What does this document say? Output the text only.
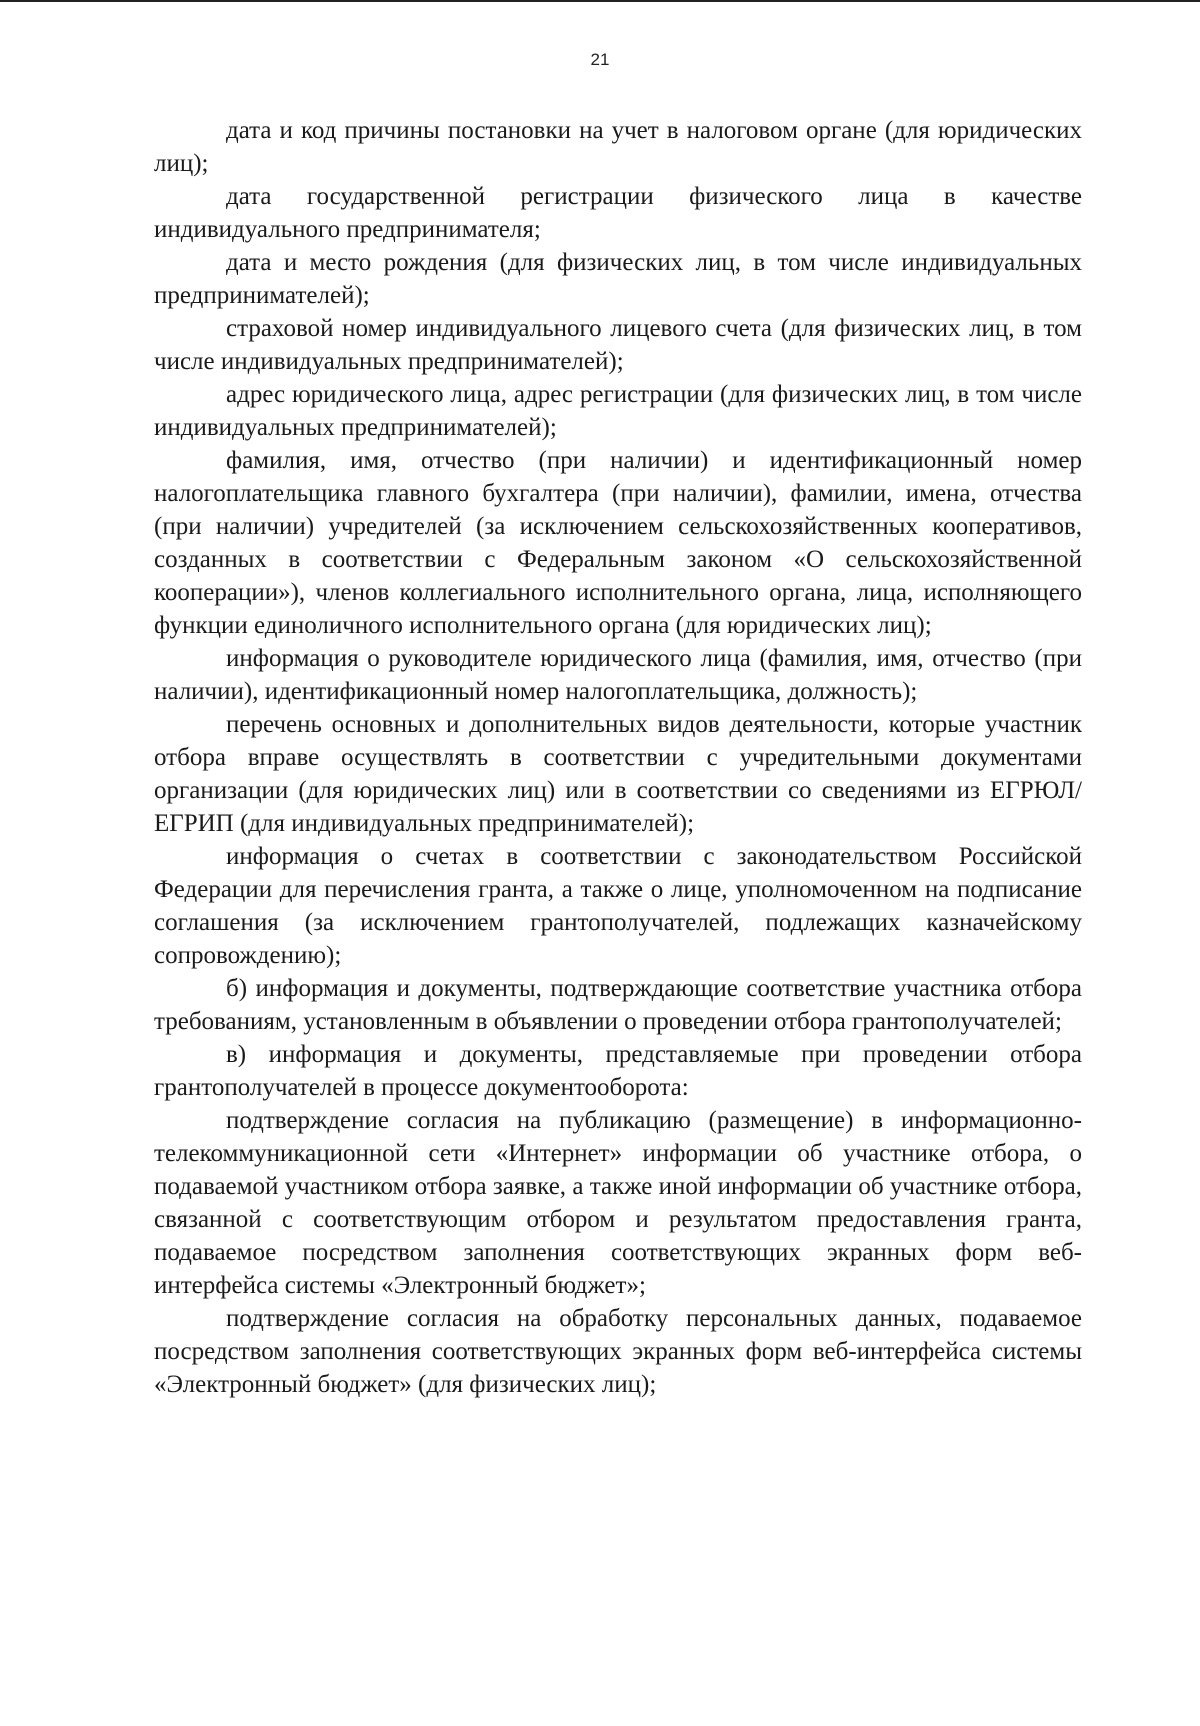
21

дата и код причины постановки на учет в налоговом органе (для юридических лиц);

дата государственной регистрации физического лица в качестве индивидуального предпринимателя;

дата и место рождения (для физических лиц, в том числе индивидуальных предпринимателей);

страховой номер индивидуального лицевого счета (для физических лиц, в том числе индивидуальных предпринимателей);

адрес юридического лица, адрес регистрации (для физических лиц, в том числе индивидуальных предпринимателей);

фамилия, имя, отчество (при наличии) и идентификационный номер налогоплательщика главного бухгалтера (при наличии), фамилии, имена, отчества (при наличии) учредителей (за исключением сельскохозяйственных кооперативов, созданных в соответствии с Федеральным законом «О сельскохозяйственной кооперации»), членов коллегиального исполнительного органа, лица, исполняющего функции единоличного исполнительного органа (для юридических лиц);

информация о руководителе юридического лица (фамилия, имя, отчество (при наличии), идентификационный номер налогоплательщика, должность);

перечень основных и дополнительных видов деятельности, которые участник отбора вправе осуществлять в соответствии с учредительными документами организации (для юридических лиц) или в соответствии со сведениями из ЕГРЮЛ/ЕГРИП (для индивидуальных предпринимателей);

информация о счетах в соответствии с законодательством Российской Федерации для перечисления гранта, а также о лице, уполномоченном на подписание соглашения (за исключением грантополучателей, подлежащих казначейскому сопровождению);

б) информация и документы, подтверждающие соответствие участника отбора требованиям, установленным в объявлении о проведении отбора грантополучателей;

в) информация и документы, представляемые при проведении отбора грантополучателей в процессе документооборота:

подтверждение согласия на публикацию (размещение) в информационно-телекоммуникационной сети «Интернет» информации об участнике отбора, о подаваемой участником отбора заявке, а также иной информации об участнике отбора, связанной с соответствующим отбором и результатом предоставления гранта, подаваемое посредством заполнения соответствующих экранных форм веб-интерфейса системы «Электронный бюджет»;

подтверждение согласия на обработку персональных данных, подаваемое посредством заполнения соответствующих экранных форм веб-интерфейса системы «Электронный бюджет» (для физических лиц);
